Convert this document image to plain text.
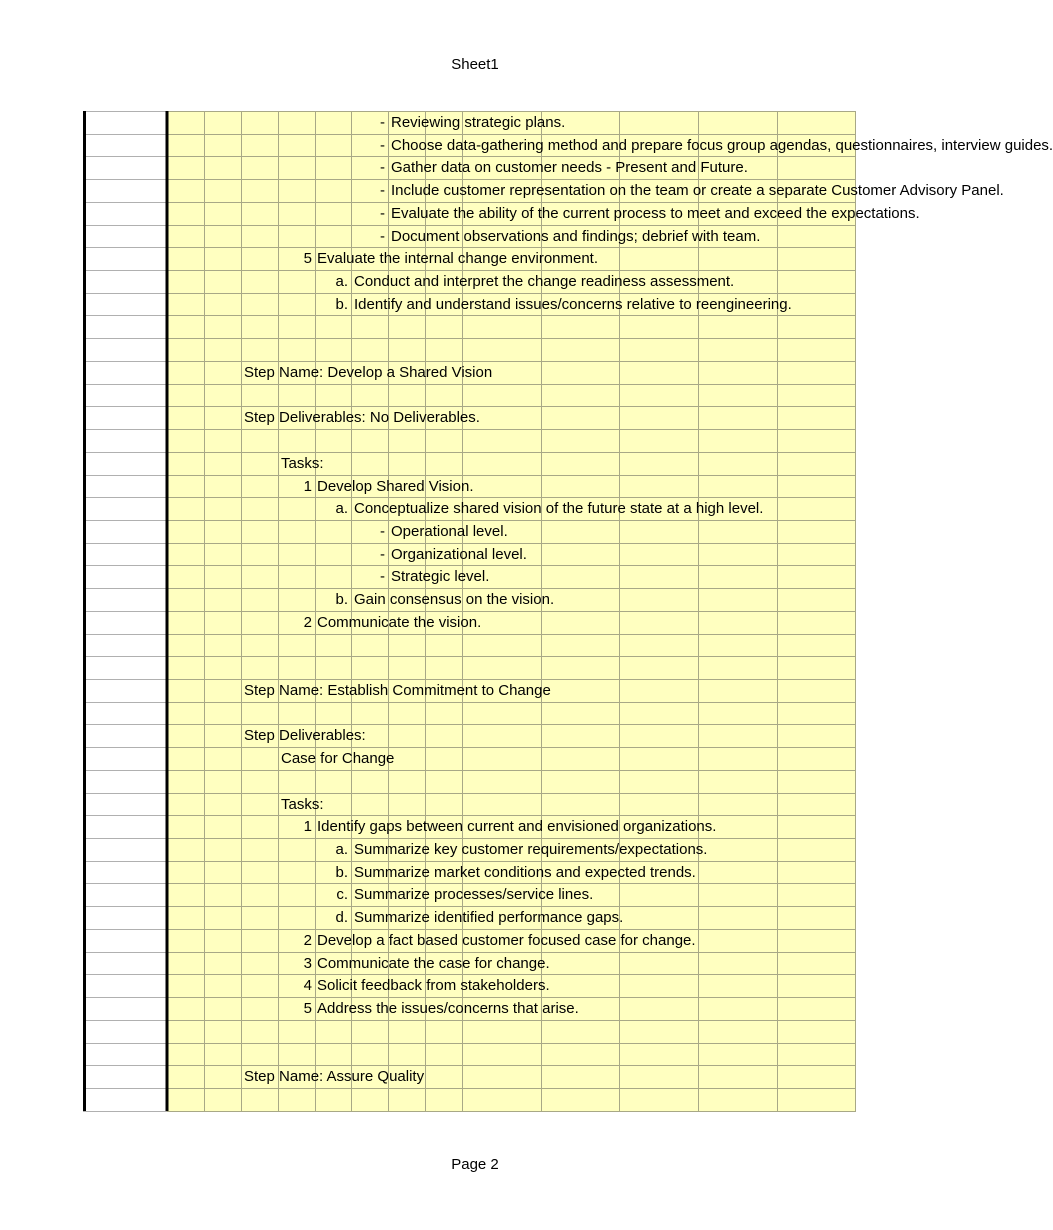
Sheet1
- Reviewing strategic plans.
- Choose data-gathering method and prepare focus group agendas, questionnaires, interview guides.
- Gather data on customer needs - Present and Future.
- Include customer representation on the team or create a separate Customer Advisory Panel.
- Evaluate the ability of the current process to meet and exceed the expectations.
- Document observations and findings; debrief with team.
5 Evaluate the internal change environment.
a. Conduct and interpret the change readiness assessment.
b. Identify and understand issues/concerns relative to reengineering.
Step Name: Develop a Shared Vision
Step Deliverables: No Deliverables.
Tasks:
1 Develop Shared Vision.
a. Conceptualize shared vision of the future state at a high level.
- Operational level.
- Organizational level.
- Strategic level.
b. Gain consensus on the vision.
2 Communicate the vision.
Step Name: Establish Commitment to Change
Step Deliverables:
Case for Change
Tasks:
1 Identify gaps between current and envisioned organizations.
a. Summarize key customer requirements/expectations.
b. Summarize market conditions and expected trends.
c. Summarize processes/service lines.
d. Summarize identified performance gaps.
2 Develop a fact based customer focused case for change.
3 Communicate the case for change.
4 Solicit feedback from stakeholders.
5 Address the issues/concerns that arise.
Step Name: Assure Quality
Page 2
